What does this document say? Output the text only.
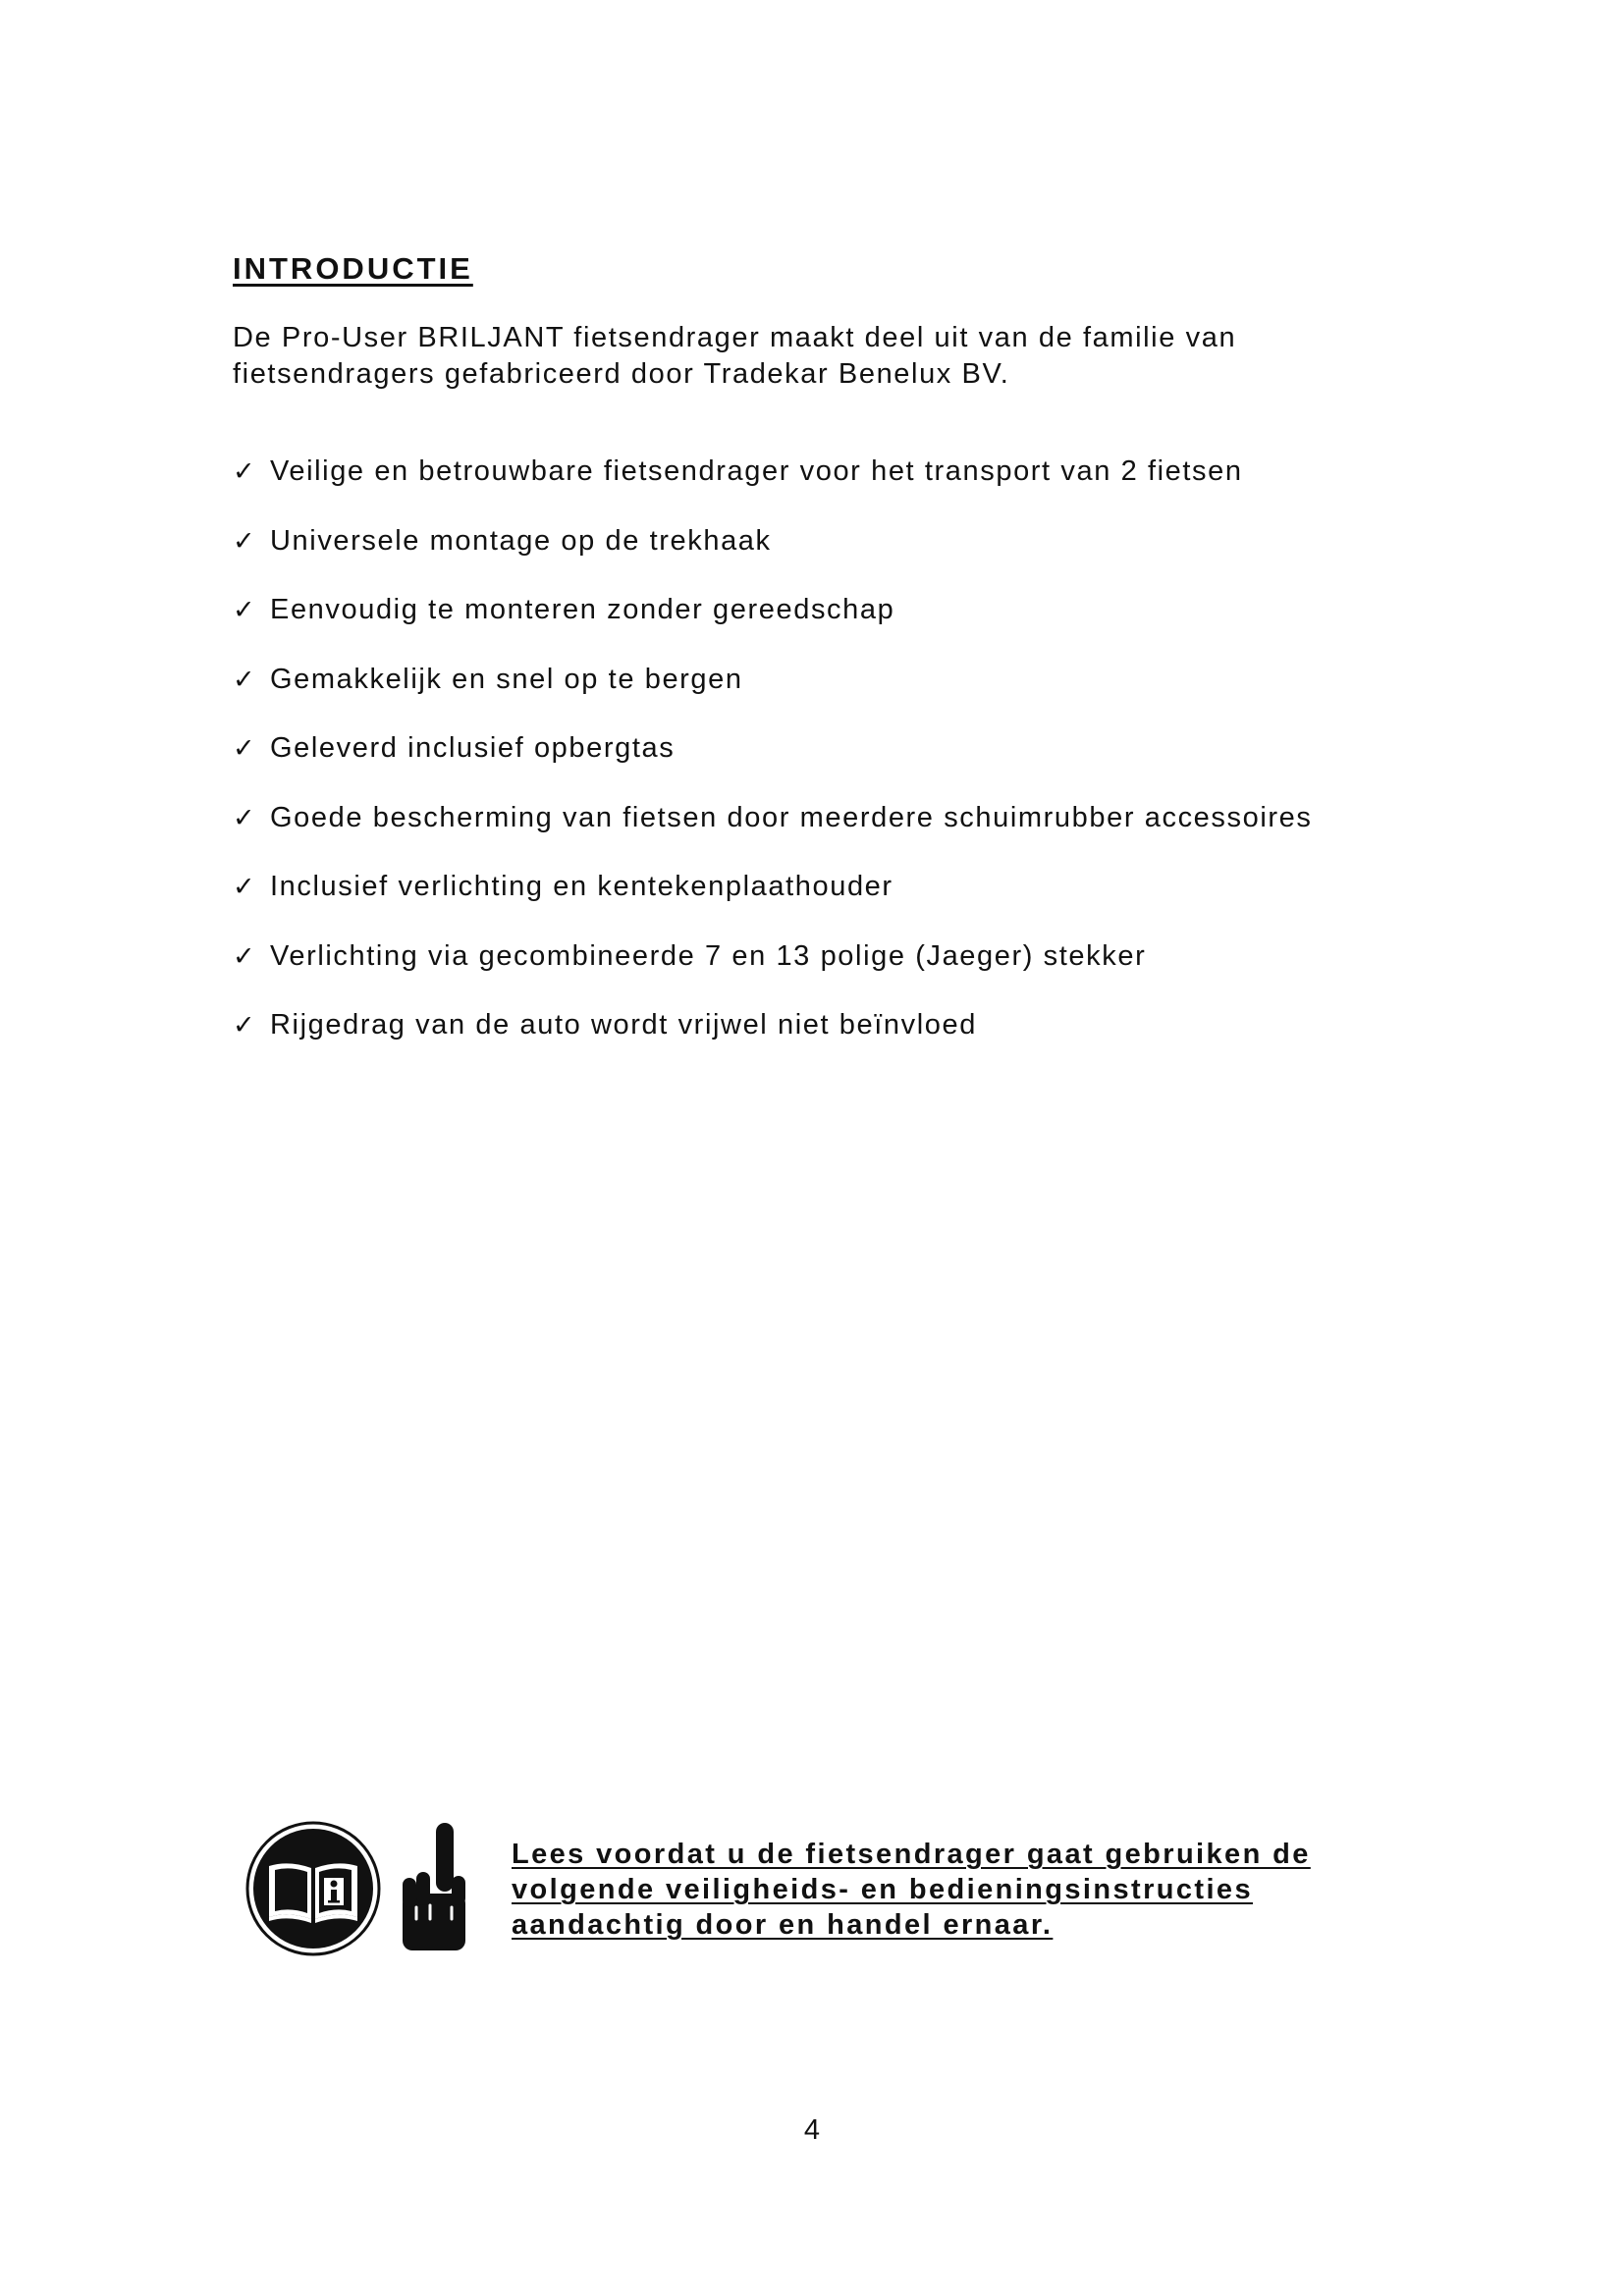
INTRODUCTIE

De Pro-User BRILJANT fietsendrager maakt deel uit van de familie van fietsendragers gefabriceerd door Tradekar Benelux BV.

✓ Veilige en betrouwbare fietsendrager voor het transport van 2 fietsen
✓ Universele montage op de trekhaak
✓ Eenvoudig te monteren zonder gereedschap
✓ Gemakkelijk en snel op te bergen
✓ Geleverd inclusief opbergtas
✓ Goede bescherming van fietsen door meerdere schuimrubber accessoires
✓ Inclusief verlichting en kentekenplaathouder
✓ Verlichting via gecombineerde 7 en 13 polige (Jaeger) stekker
✓ Rijgedrag van de auto wordt vrijwel niet beïnvloed

Lees voordat u de fietsendrager gaat gebruiken de volgende veiligheids- en bedieningsinstructies aandachtig door en handel ernaar.

4
